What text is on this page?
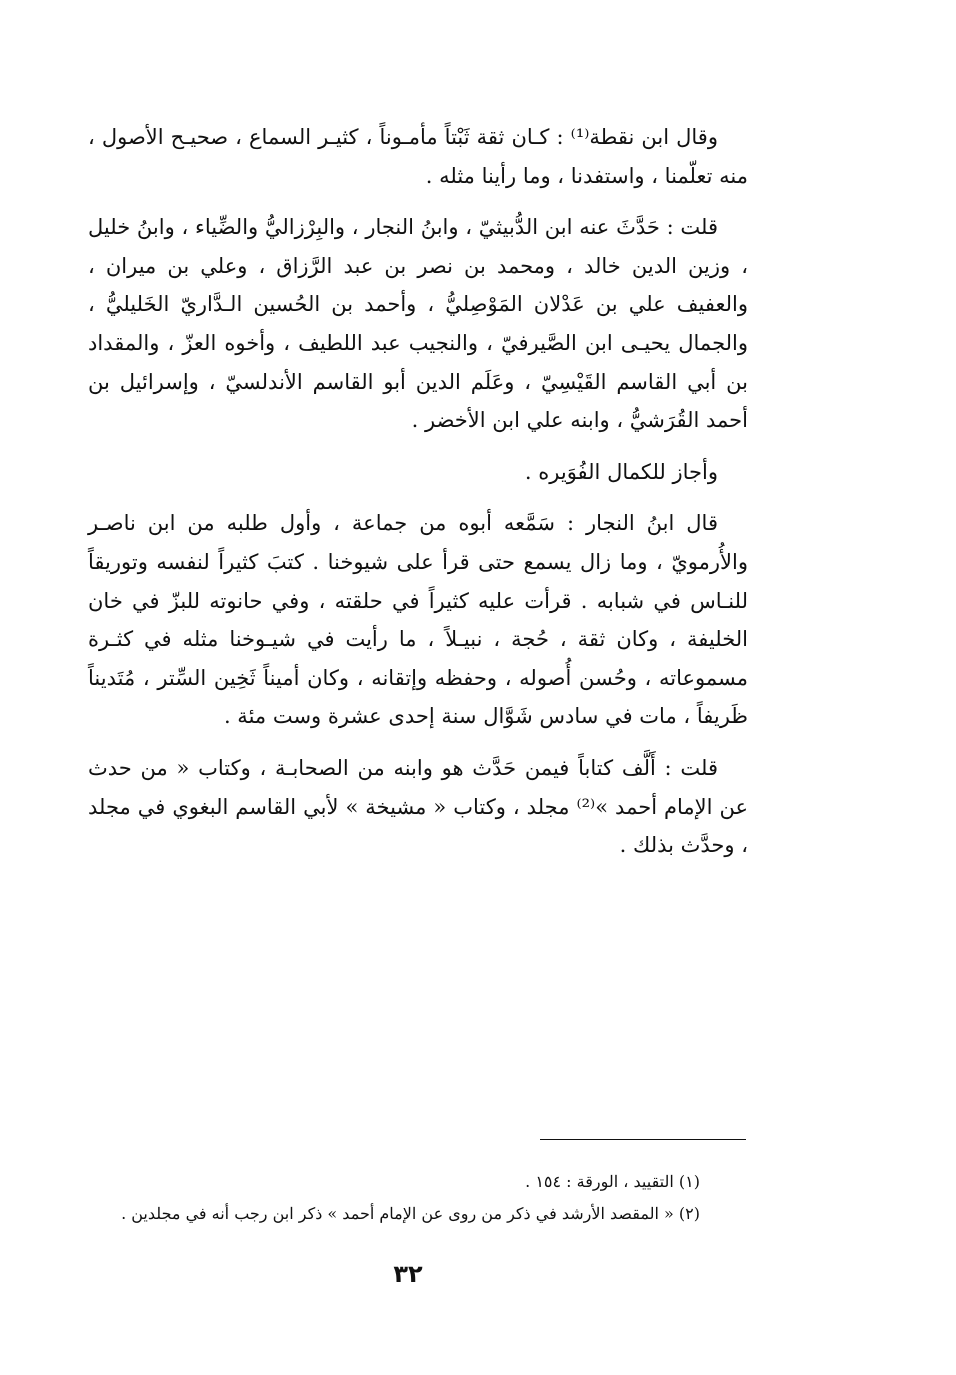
وقال ابن نقطة⁽¹⁾ : كـان ثقة ثَبْتاً مأمـوناً ، كثيـر السماع ، صحيـح الأصول ، منه تعلّمنا ، واستفدنا ، وما رأينا مثله .

قلت : حَدَّثَ عنه ابن الدُّبيثيّ ، وابنُ النجار ، والبِرْزاليُّ والضِّياء ، وابنُ خليل ، وزين الدين خالد ، ومحمد بن نصر بن عبد الرَّزاق ، وعلي بن ميران ، والعفيف علي بن عَدْلان المَوْصِليُّ ، وأحمد بن الحُسين الـدَّاريّ الخَليليُّ ، والجمال يحيـى ابن الصَّيرفيّ ، والنجيب عبد اللطيف ، وأخوه العزّ ، والمقداد بن أبي القاسم القَيْسِيّ ، وعَلَم الدين أبو القاسم الأندلسيّ ، وإسرائيل بن أحمد القُرَشيُّ ، وابنه علي ابن الأخضر .

وأجاز للكمال الفُوَيره .

قال ابنُ النجار : سَمَّعه أبوه من جماعة ، وأول طلبه من ابن ناصـر والأُرمويّ ، وما زال يسمع حتى قرأ على شيوخنا . كتبَ كثيراً لنفسه وتوريقاً للنـاس في شبابه . قرأت عليه كثيراً في حلقته ، وفي حانوته للبزّ في خان الخليفة ، وكان ثقة ، حُجة ، نبيـلاً ، ما رأيت في شيـوخنا مثله في كثـرة مسموعاته ، وحُسن أُصوله ، وحفظه وإتقانه ، وكان أميناً ثَخِين السِّتر ، مُتَديناً ظَريفاً ، مات في سادس شَوَّال سنة إحدى عشرة وست مئة .

قلت : أَلَّف كتاباً فيمن حَدَّث هو وابنه من الصحابـة ، وكتاب « من حدث عن الإمام أحمد »⁽²⁾ مجلد ، وكتاب « مشيخة » لأبي القاسم البغوي في مجلد ، وحدَّث بذلك .

(١) التقييد ، الورقة : ١٥٤ .

(٢) « المقصد الأرشد في ذكر من روى عن الإمام أحمد » ذكر ابن رجب أنه في مجلدين .

٣٢
